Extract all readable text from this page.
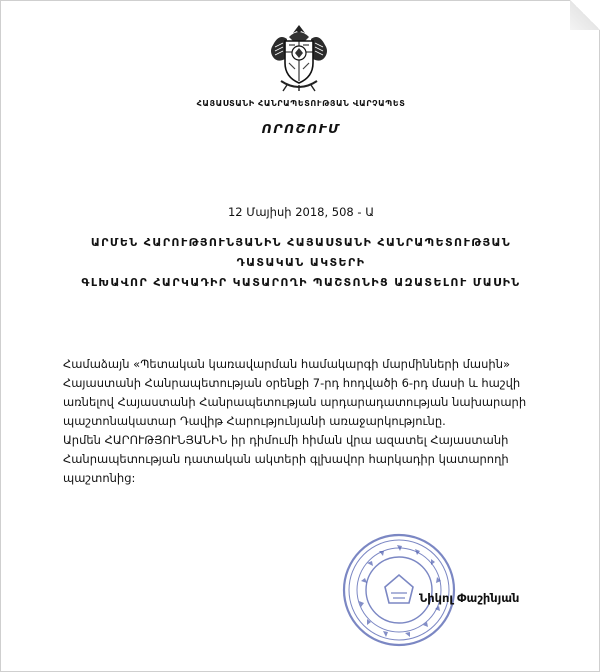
ՀԱՅԱՍՏԱՆԻ ՀԱՆՐԱՊԵՏՈՒԹՅԱՆ ՎԱՐՉԱՊԵՏ
ՈՐՈՇՈՒՄ
12 Մայիսի 2018, 508 - Ա
ԱՐՄԵՆ ՀԱՐՈՒԹՅՈՒՆՅԱՆԻՆ ՀԱՅԱՍՏԱՆԻ ՀԱՆՐԱՊԵՏՈՒԹՅԱՆ ԴԱՏԱԿԱՆ ԱԿՏԵՐԻ
ԳԼԽԱՎՈՐ ՀԱՐԿԱԴԻՐ ԿԱՏԱՐՈՂԻ ՊԱՇՏՈՆԻՑ ԱԶԱՏԵԼՈՒ ՄԱՍԻՆ

Համաձայն «Պետական կառավարման համակարգի մարմինների մասին» Հայաստանի Հանրապետության օրենքի 7-րդ հոդվածի 6-րդ մասի և հաշվի առնելով Հայաստանի Հանրապետության արդարադատության նախարարի պաշտոնակատար Դավիթ Հարությունյանի առաջարկությունը.

Արմեն ՀԱՐՈՒԹՅՈՒՆՅԱՆԻՆ իր դիմումի հիման վրա ազատել Հայաստանի Հանրապետության դատական ակտերի գլխավոր հարկադիր կատարողի պաշտոնից:

Նիկոլ Փաշինյան
